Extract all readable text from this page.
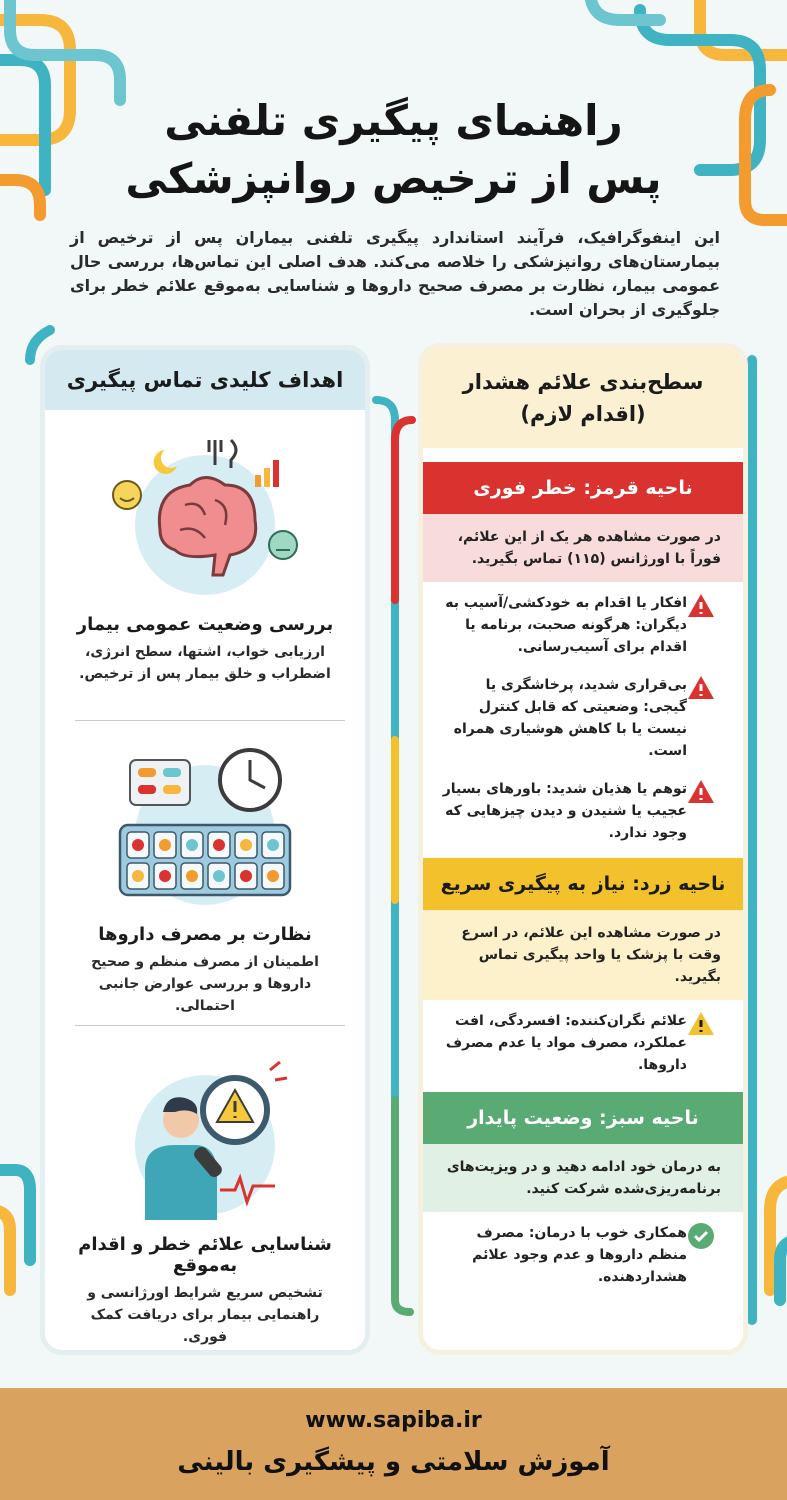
راهنمای پیگیری تلفنی
پس از ترخیص روانپزشکی

این اینفوگرافیک، فرآیند استاندارد پیگیری تلفنی بیماران پس از ترخیص از بیمارستان‌های روانپزشکی را خلاصه می‌کند. هدف اصلی این تماس‌ها، بررسی حال عمومی بیمار، نظارت بر مصرف صحیح داروها و شناسایی به‌موقع علائم خطر برای جلوگیری از بحران است.

اهداف کلیدی تماس پیگیری
بررسی وضعیت عمومی بیمار

ارزیابی خواب، اشتها، سطح انرژی، اضطراب و خلق بیمار پس از ترخیص.

نظارت بر مصرف داروها

اطمینان از مصرف منظم و صحیح داروها و بررسی عوارض جانبی احتمالی.

شناسایی علائم خطر و اقدام به‌موقع

تشخیص سریع شرایط اورژانسی و راهنمایی بیمار برای دریافت کمک فوری.

سطح‌بندی علائم هشدار
(اقدام لازم)
ناحیه قرمز: خطر فوری
در صورت مشاهده هر یک از این علائم، فوراً با اورژانس (۱۱۵) تماس بگیرید.
افکار یا اقدام به خودکشی/آسیب به دیگران: هرگونه صحبت، برنامه یا اقدام برای آسیب‌رسانی.
بی‌قراری شدید، پرخاشگری یا گیجی: وضعیتی که قابل کنترل نیست یا با کاهش هوشیاری همراه است.
توهم یا هذیان شدید: باورهای بسیار عجیب یا شنیدن و دیدن چیزهایی که وجود ندارد.
ناحیه زرد: نیاز به پیگیری سریع
در صورت مشاهده این علائم، در اسرع وقت با پزشک یا واحد پیگیری تماس بگیرید.
علائم نگران‌کننده: افسردگی، افت عملکرد، مصرف مواد یا عدم مصرف داروها.
ناحیه سبز: وضعیت پایدار
به درمان خود ادامه دهید و در ویزیت‌های برنامه‌ریزی‌شده شرکت کنید.
همکاری خوب با درمان: مصرف منظم داروها و عدم وجود علائم هشداردهنده.
www.sapiba.ir
آموزش سلامتی و پیشگیری بالینی
